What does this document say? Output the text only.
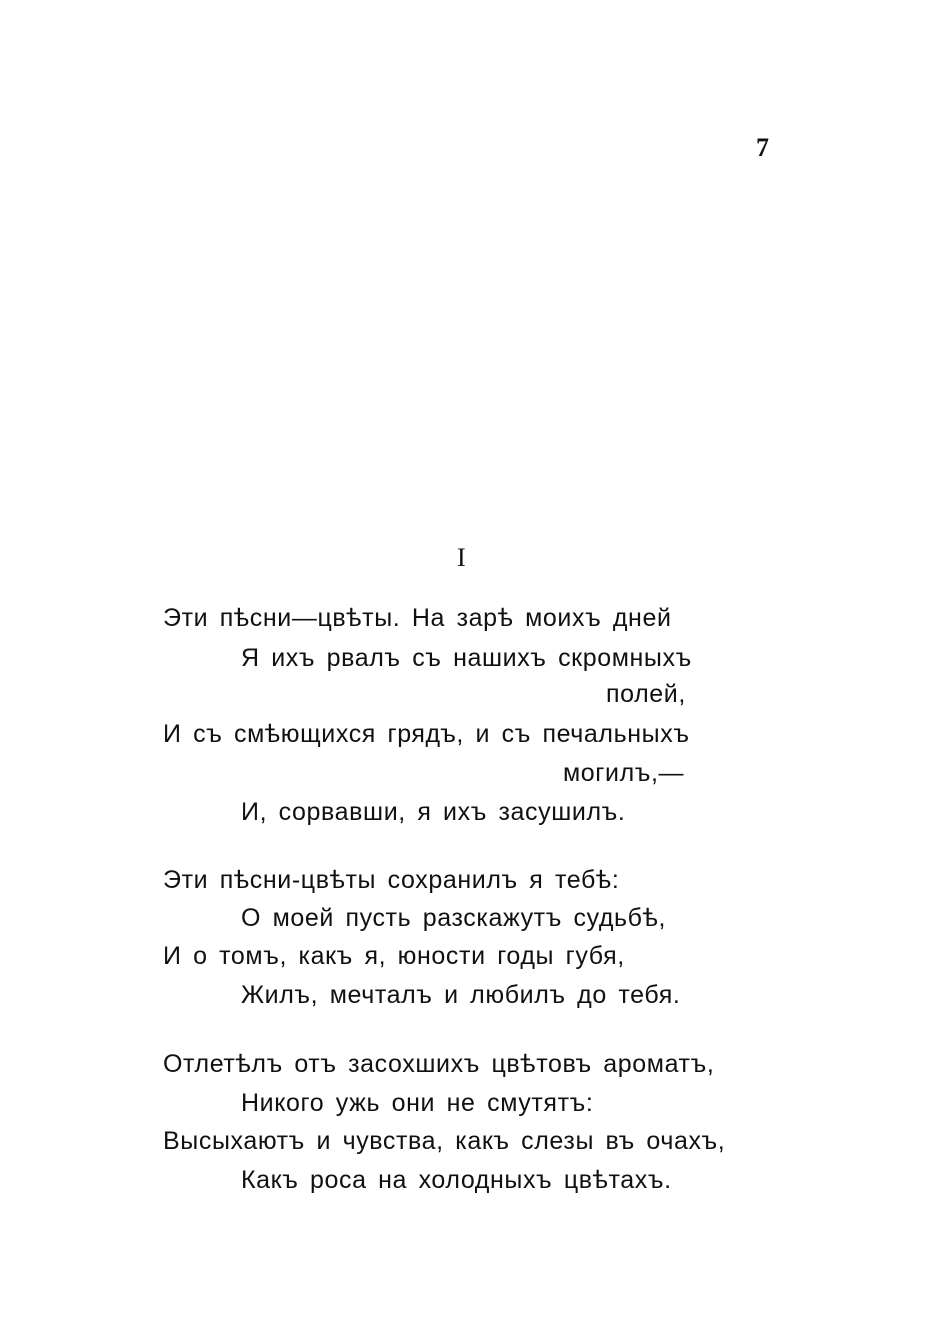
7
I
Эти пѣсни—цвѣты. На зарѣ моихъ дней
Я ихъ рвалъ съ нашихъ скромныхъ
полей,
И съ смѣющихся грядъ, и съ печальныхъ
могилъ,—
И, сорвавши, я ихъ засушилъ.
Эти пѣсни-цвѣты сохранилъ я тебѣ:
О моей пусть разскажутъ судьбѣ,
И о томъ, какъ я, юности годы губя,
Жилъ, мечталъ и любилъ до тебя.
Отлетѣлъ отъ засохшихъ цвѣтовъ ароматъ,
Никого ужь они не смутятъ:
Высыхаютъ и чувства, какъ слезы въ очахъ,
Какъ роса на холодныхъ цвѣтахъ.
